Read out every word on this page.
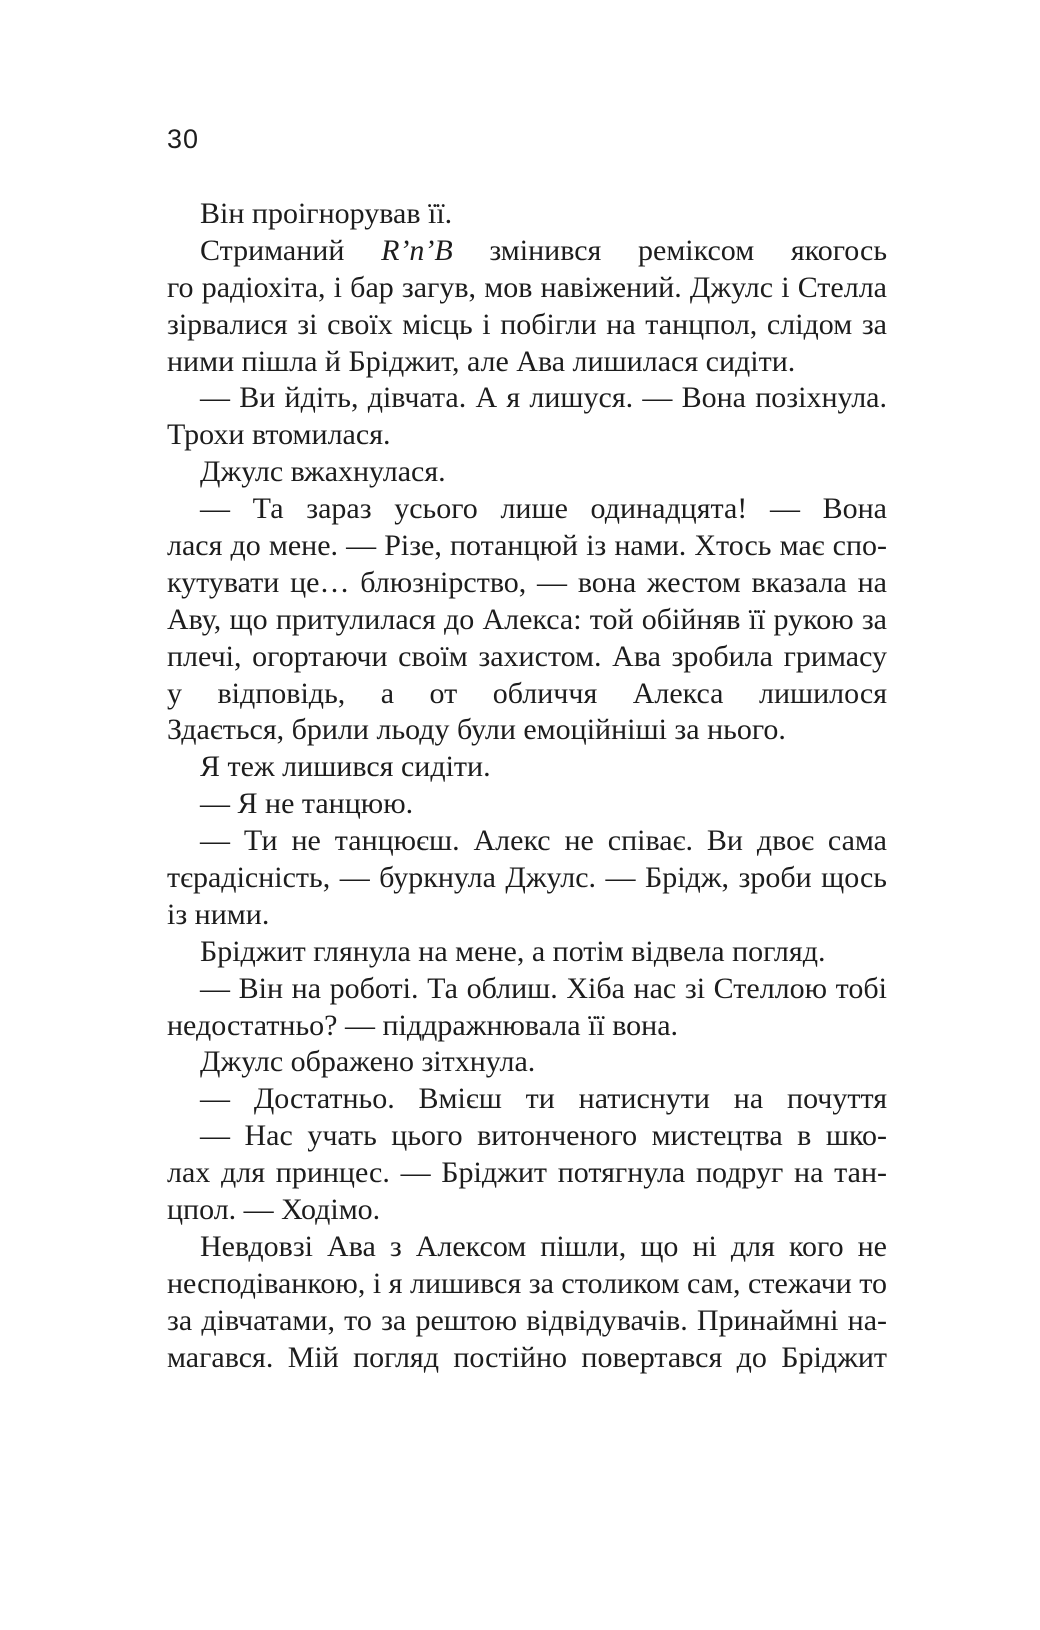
30
Він проігнорував її.
Стриманий R’n’B змінився реміксом якогось
го радіохіта, і бар загув, мов навіжений. Джулс і Стелла
зірвалися зі своїх місць і побігли на танцпол, слідом за
ними пішла й Бріджит, але Ава лишилася сидіти.
— Ви йдіть, дівчата. А я лишуся. — Вона позіхнула.
Трохи втомилася.
Джулс вжахнулася.
— Та зараз усього лише одинадцята! — Вона
лася до мене. — Різе, потанцюй із нами. Хтось має спо-
кутувати це… блюзнірство, — вона жестом вказала на
Аву, що притулилася до Алекса: той обійняв її рукою за
плечі, огортаючи своїм захистом. Ава зробила гримасу
у відповідь, а от обличчя Алекса лишилося
Здається, брили льоду були емоційніші за нього.
Я теж лишився сидіти.
— Я не танцюю.
— Ти не танцюєш. Алекс не співає. Ви двоє сама
тєрадісність, — буркнула Джулс. — Брідж, зроби щось
із ними.
Бріджит глянула на мене, а потім відвела погляд.
— Він на роботі. Та облиш. Хіба нас зі Стеллою тобі
недостатньо? — піддражнювала її вона.
Джулс ображено зітхнула.
— Достатньо. Вмієш ти натиснути на почуття
— Нас учать цього витонченого мистецтва в шко-
лах для принцес. — Бріджит потягнула подруг на тан-
цпол. — Ходімо.
Невдовзі Ава з Алексом пішли, що ні для кого не
несподіванкою, і я лишився за столиком сам, стежачи то
за дівчатами, то за рештою відвідувачів. Принаймні на-
магався. Мій погляд постійно повертався до Бріджит
